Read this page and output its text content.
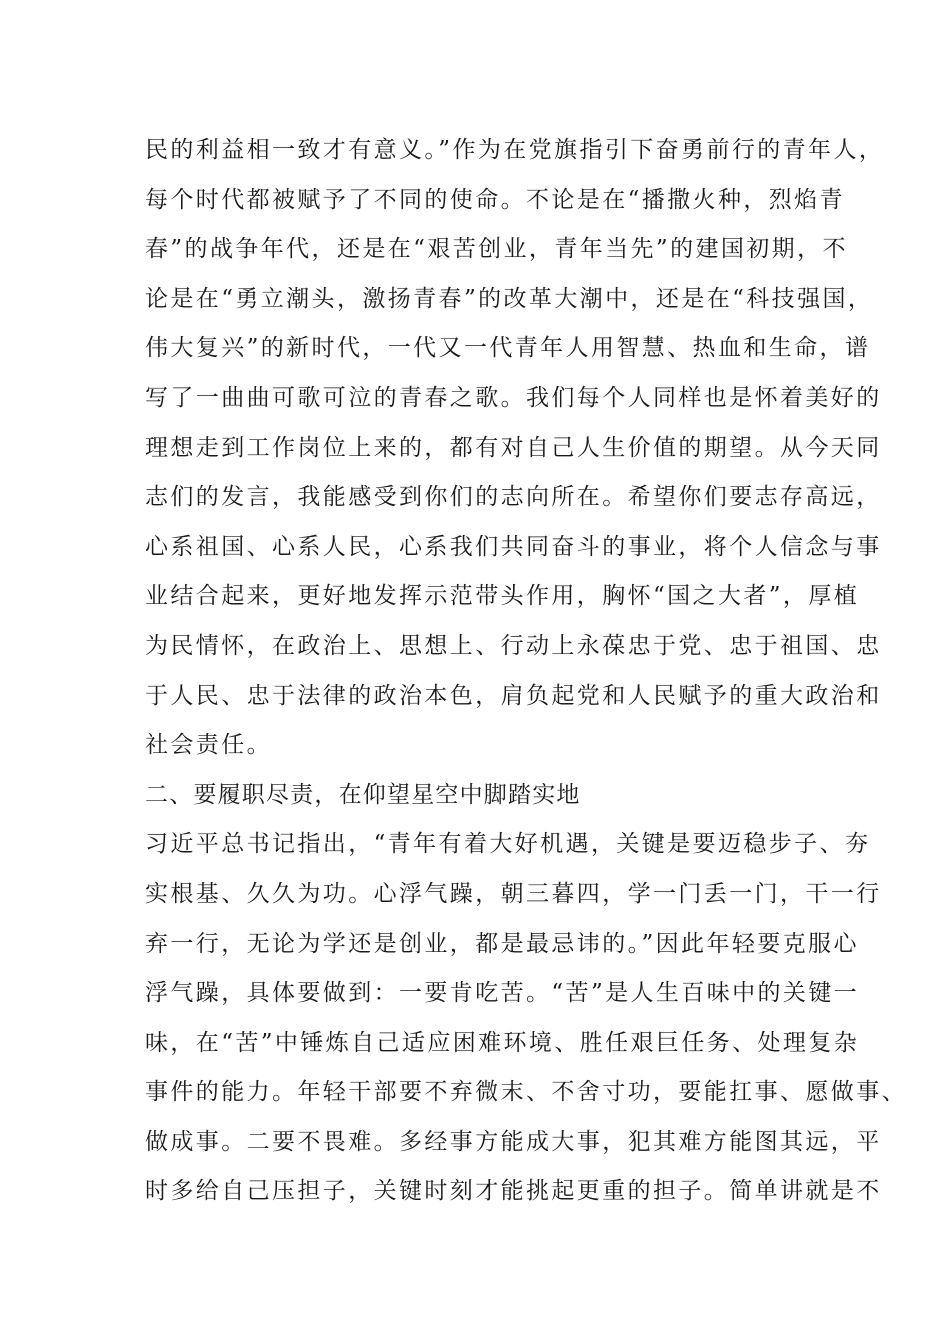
民的利益相一致才有意义。”作为在党旗指引下奋勇前行的青年人，
每个时代都被赋予了不同的使命。不论是在“播撒火种，烈焰青
春”的战争年代，还是在“艰苦创业，青年当先”的建国初期，不
论是在“勇立潮头，激扬青春”的改革大潮中，还是在“科技强国，
伟大复兴”的新时代，一代又一代青年人用智慧、热血和生命，谱
写了一曲曲可歌可泣的青春之歌。我们每个人同样也是怀着美好的
理想走到工作岗位上来的，都有对自己人生价值的期望。从今天同
志们的发言，我能感受到你们的志向所在。希望你们要志存高远，
心系祖国、心系人民，心系我们共同奋斗的事业，将个人信念与事
业结合起来，更好地发挥示范带头作用，胸怀“国之大者”，厚植
为民情怀，在政治上、思想上、行动上永葆忠于党、忠于祖国、忠
于人民、忠于法律的政治本色，肩负起党和人民赋予的重大政治和
社会责任。
二、要履职尽责，在仰望星空中脚踏实地
习近平总书记指出，“青年有着大好机遇，关键是要迈稳步子、夯
实根基、久久为功。心浮气躁，朝三暮四，学一门丢一门，干一行
弃一行，无论为学还是创业，都是最忌讳的。”因此年轻要克服心
浮气躁，具体要做到：一要肯吃苦。“苦”是人生百味中的关键一
味，在“苦”中锤炼自己适应困难环境、胜任艰巨任务、处理复杂
事件的能力。年轻干部要不弃微末、不舍寸功，要能扛事、愿做事、
做成事。二要不畏难。多经事方能成大事，犯其难方能图其远，平
时多给自己压担子，关键时刻才能挑起更重的担子。简单讲就是不
